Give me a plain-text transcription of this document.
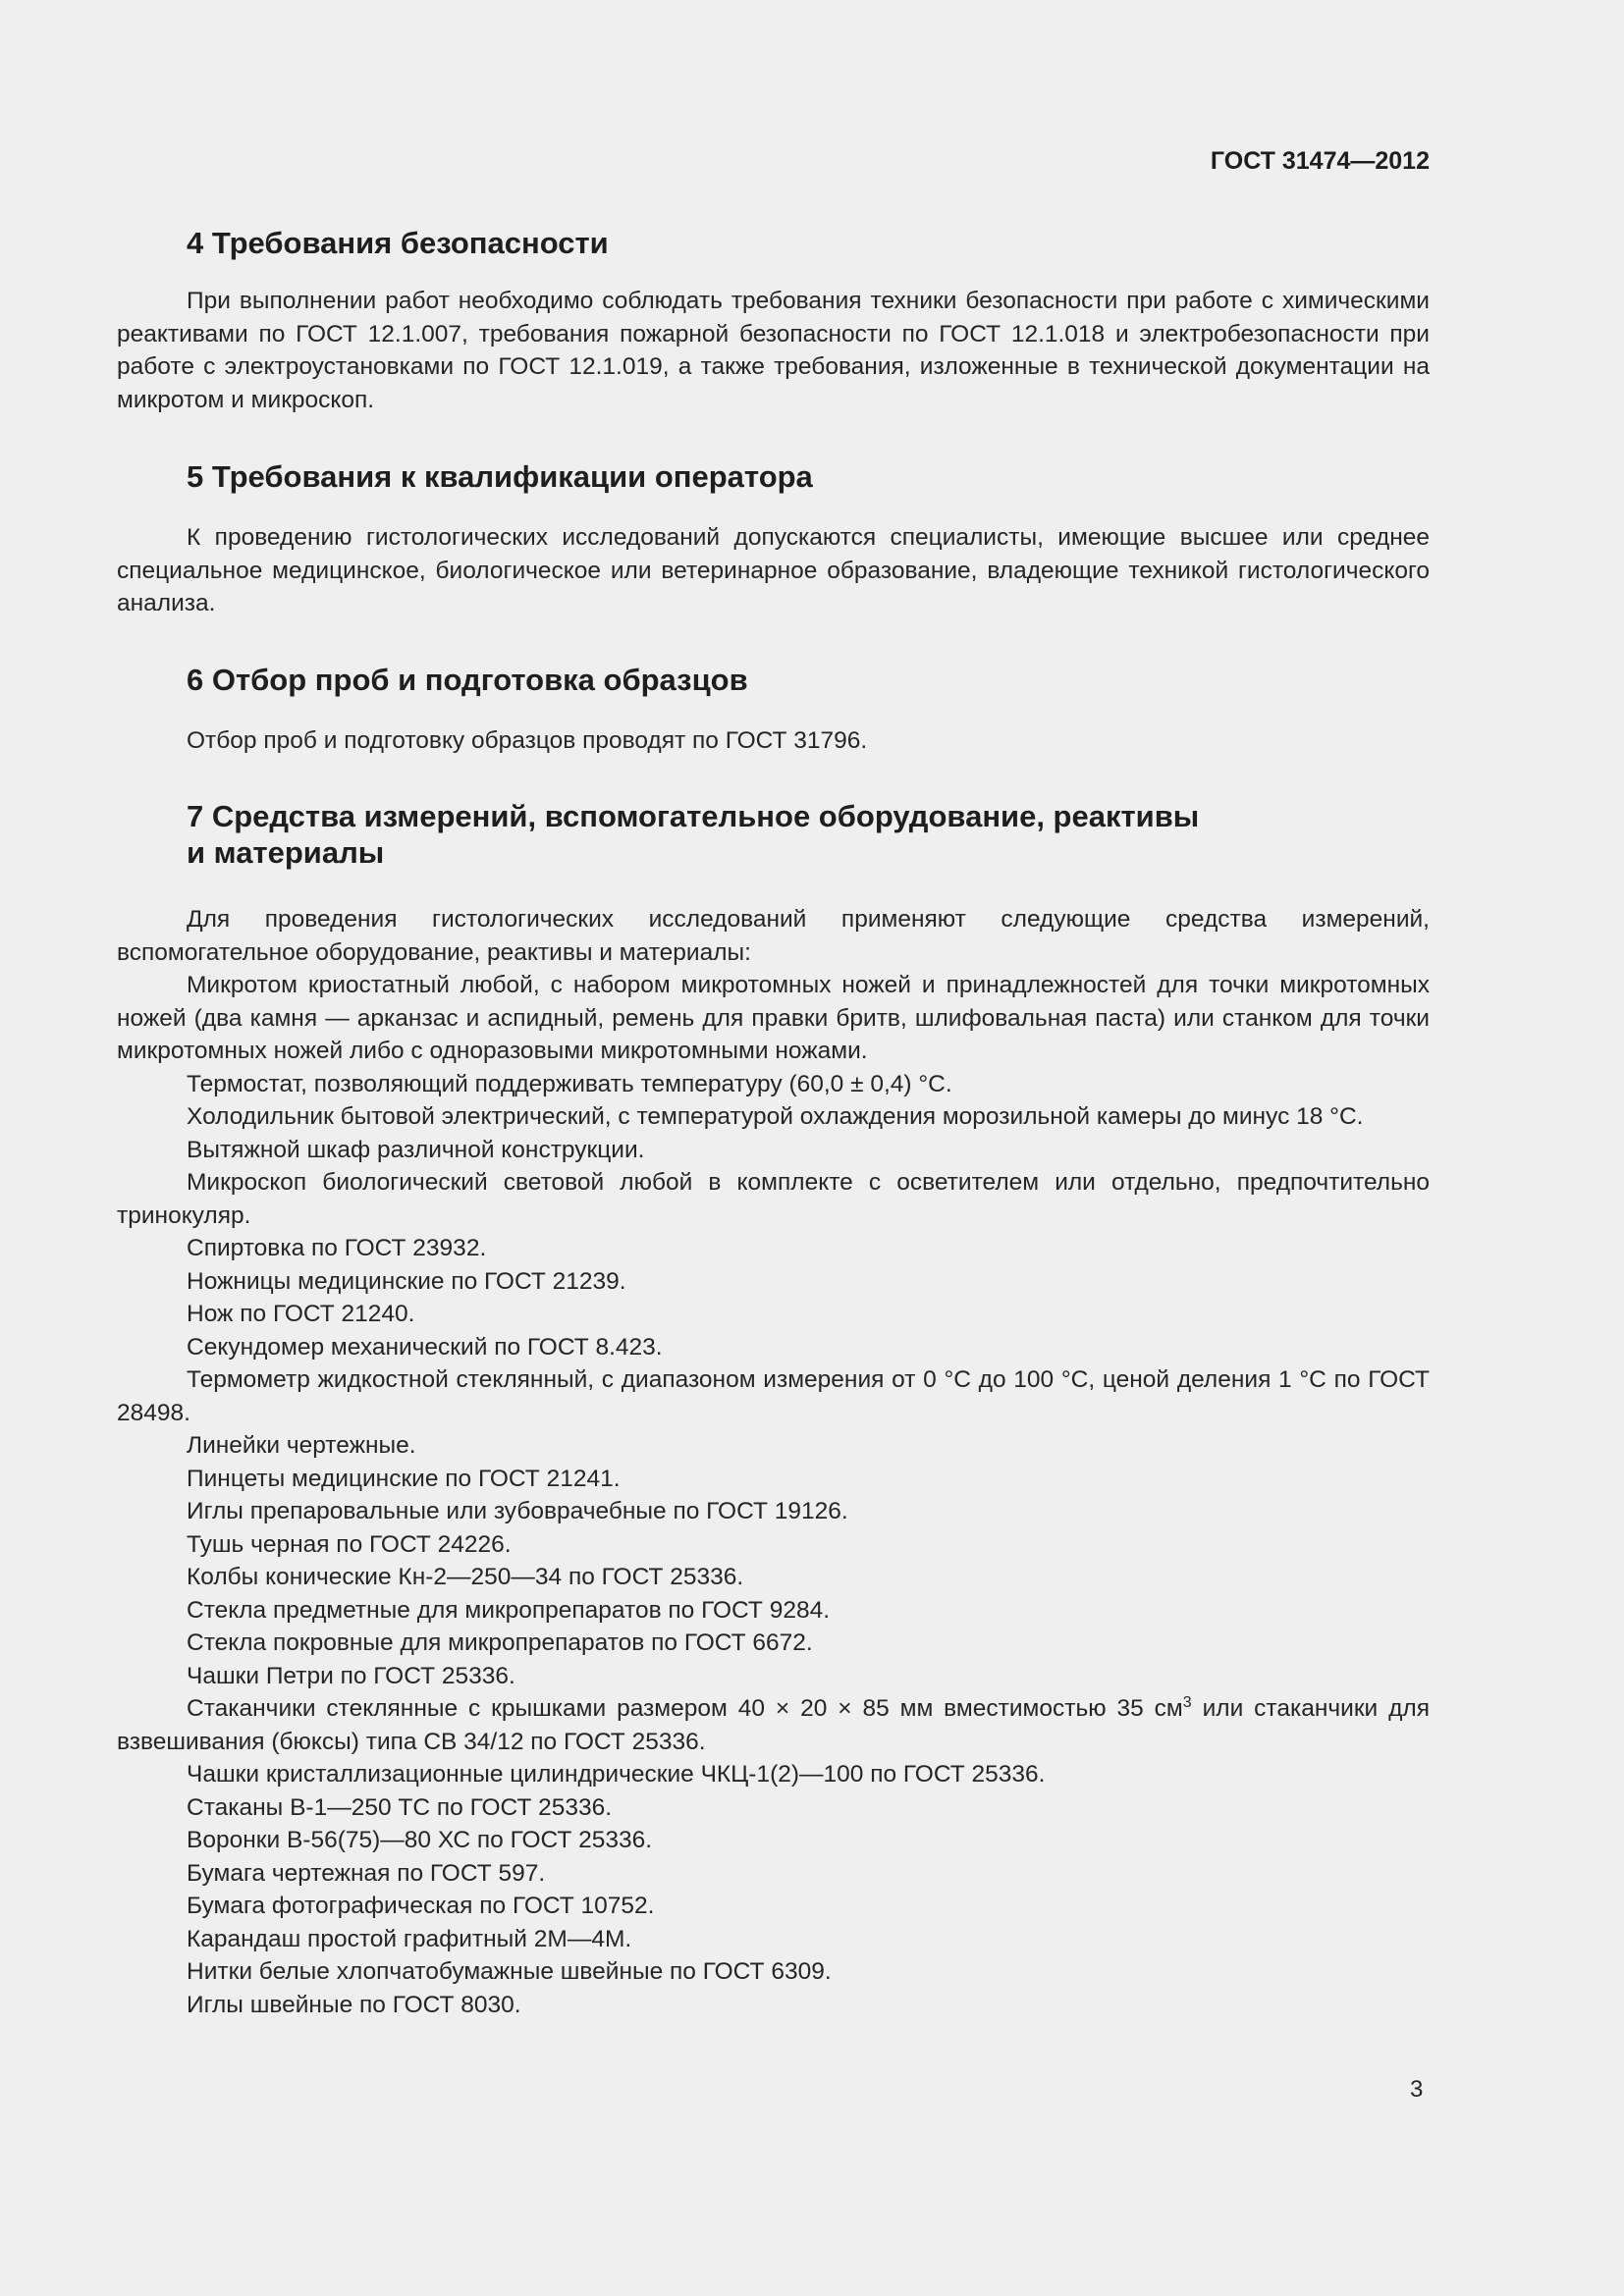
ГОСТ 31474—2012
4 Требования безопасности
При выполнении работ необходимо соблюдать требования техники безопасности при работе с химическими реактивами по ГОСТ 12.1.007, требования пожарной безопасности по ГОСТ 12.1.018 и электробезопасности при работе с электроустановками по ГОСТ 12.1.019, а также требования, изложенные в технической документации на микротом и микроскоп.
5 Требования к квалификации оператора
К проведению гистологических исследований допускаются специалисты, имеющие высшее или среднее специальное медицинское, биологическое или ветеринарное образование, владеющие техникой гистологического анализа.
6 Отбор проб и подготовка образцов
Отбор проб и подготовку образцов проводят по ГОСТ 31796.
7 Средства измерений, вспомогательное оборудование, реактивы
и материалы
Для проведения гистологических исследований применяют следующие средства измерений, вспомогательное оборудование, реактивы и материалы:
Микротом криостатный любой, с набором микротомных ножей и принадлежностей для точки микротомных ножей (два камня — арканзас и аспидный, ремень для правки бритв, шлифовальная паста) или станком для точки микротомных ножей либо с одноразовыми микротомными ножами.
Термостат, позволяющий поддерживать температуру (60,0 ± 0,4) °С.
Холодильник бытовой электрический, с температурой охлаждения морозильной камеры до минус 18 °С.
Вытяжной шкаф различной конструкции.
Микроскоп биологический световой любой в комплекте с осветителем или отдельно, предпочтительно тринокуляр.
Спиртовка по ГОСТ 23932.
Ножницы медицинские по ГОСТ 21239.
Нож по ГОСТ 21240.
Секундомер механический по ГОСТ 8.423.
Термометр жидкостной стеклянный, с диапазоном измерения от 0 °С до 100 °С, ценой деления 1 °С по ГОСТ 28498.
Линейки чертежные.
Пинцеты медицинские по ГОСТ 21241.
Иглы препаровальные или зубоврачебные по ГОСТ 19126.
Тушь черная по ГОСТ 24226.
Колбы конические Кн-2—250—34 по ГОСТ 25336.
Стекла предметные для микропрепаратов по ГОСТ 9284.
Стекла покровные для микропрепаратов по ГОСТ 6672.
Чашки Петри по ГОСТ 25336.
Стаканчики стеклянные с крышками размером 40 × 20 × 85 мм вместимостью 35 $см^3$ или стаканчики для взвешивания (бюксы) типа СВ 34/12 по ГОСТ 25336.
Чашки кристаллизационные цилиндрические ЧКЦ-1(2)—100 по ГОСТ 25336.
Стаканы В-1—250 ТС по ГОСТ 25336.
Воронки В-56(75)—80 ХС по ГОСТ 25336.
Бумага чертежная по ГОСТ 597.
Бумага фотографическая по ГОСТ 10752.
Карандаш простой графитный 2М—4М.
Нитки белые хлопчатобумажные швейные по ГОСТ 6309.
Иглы швейные по ГОСТ 8030.
3
